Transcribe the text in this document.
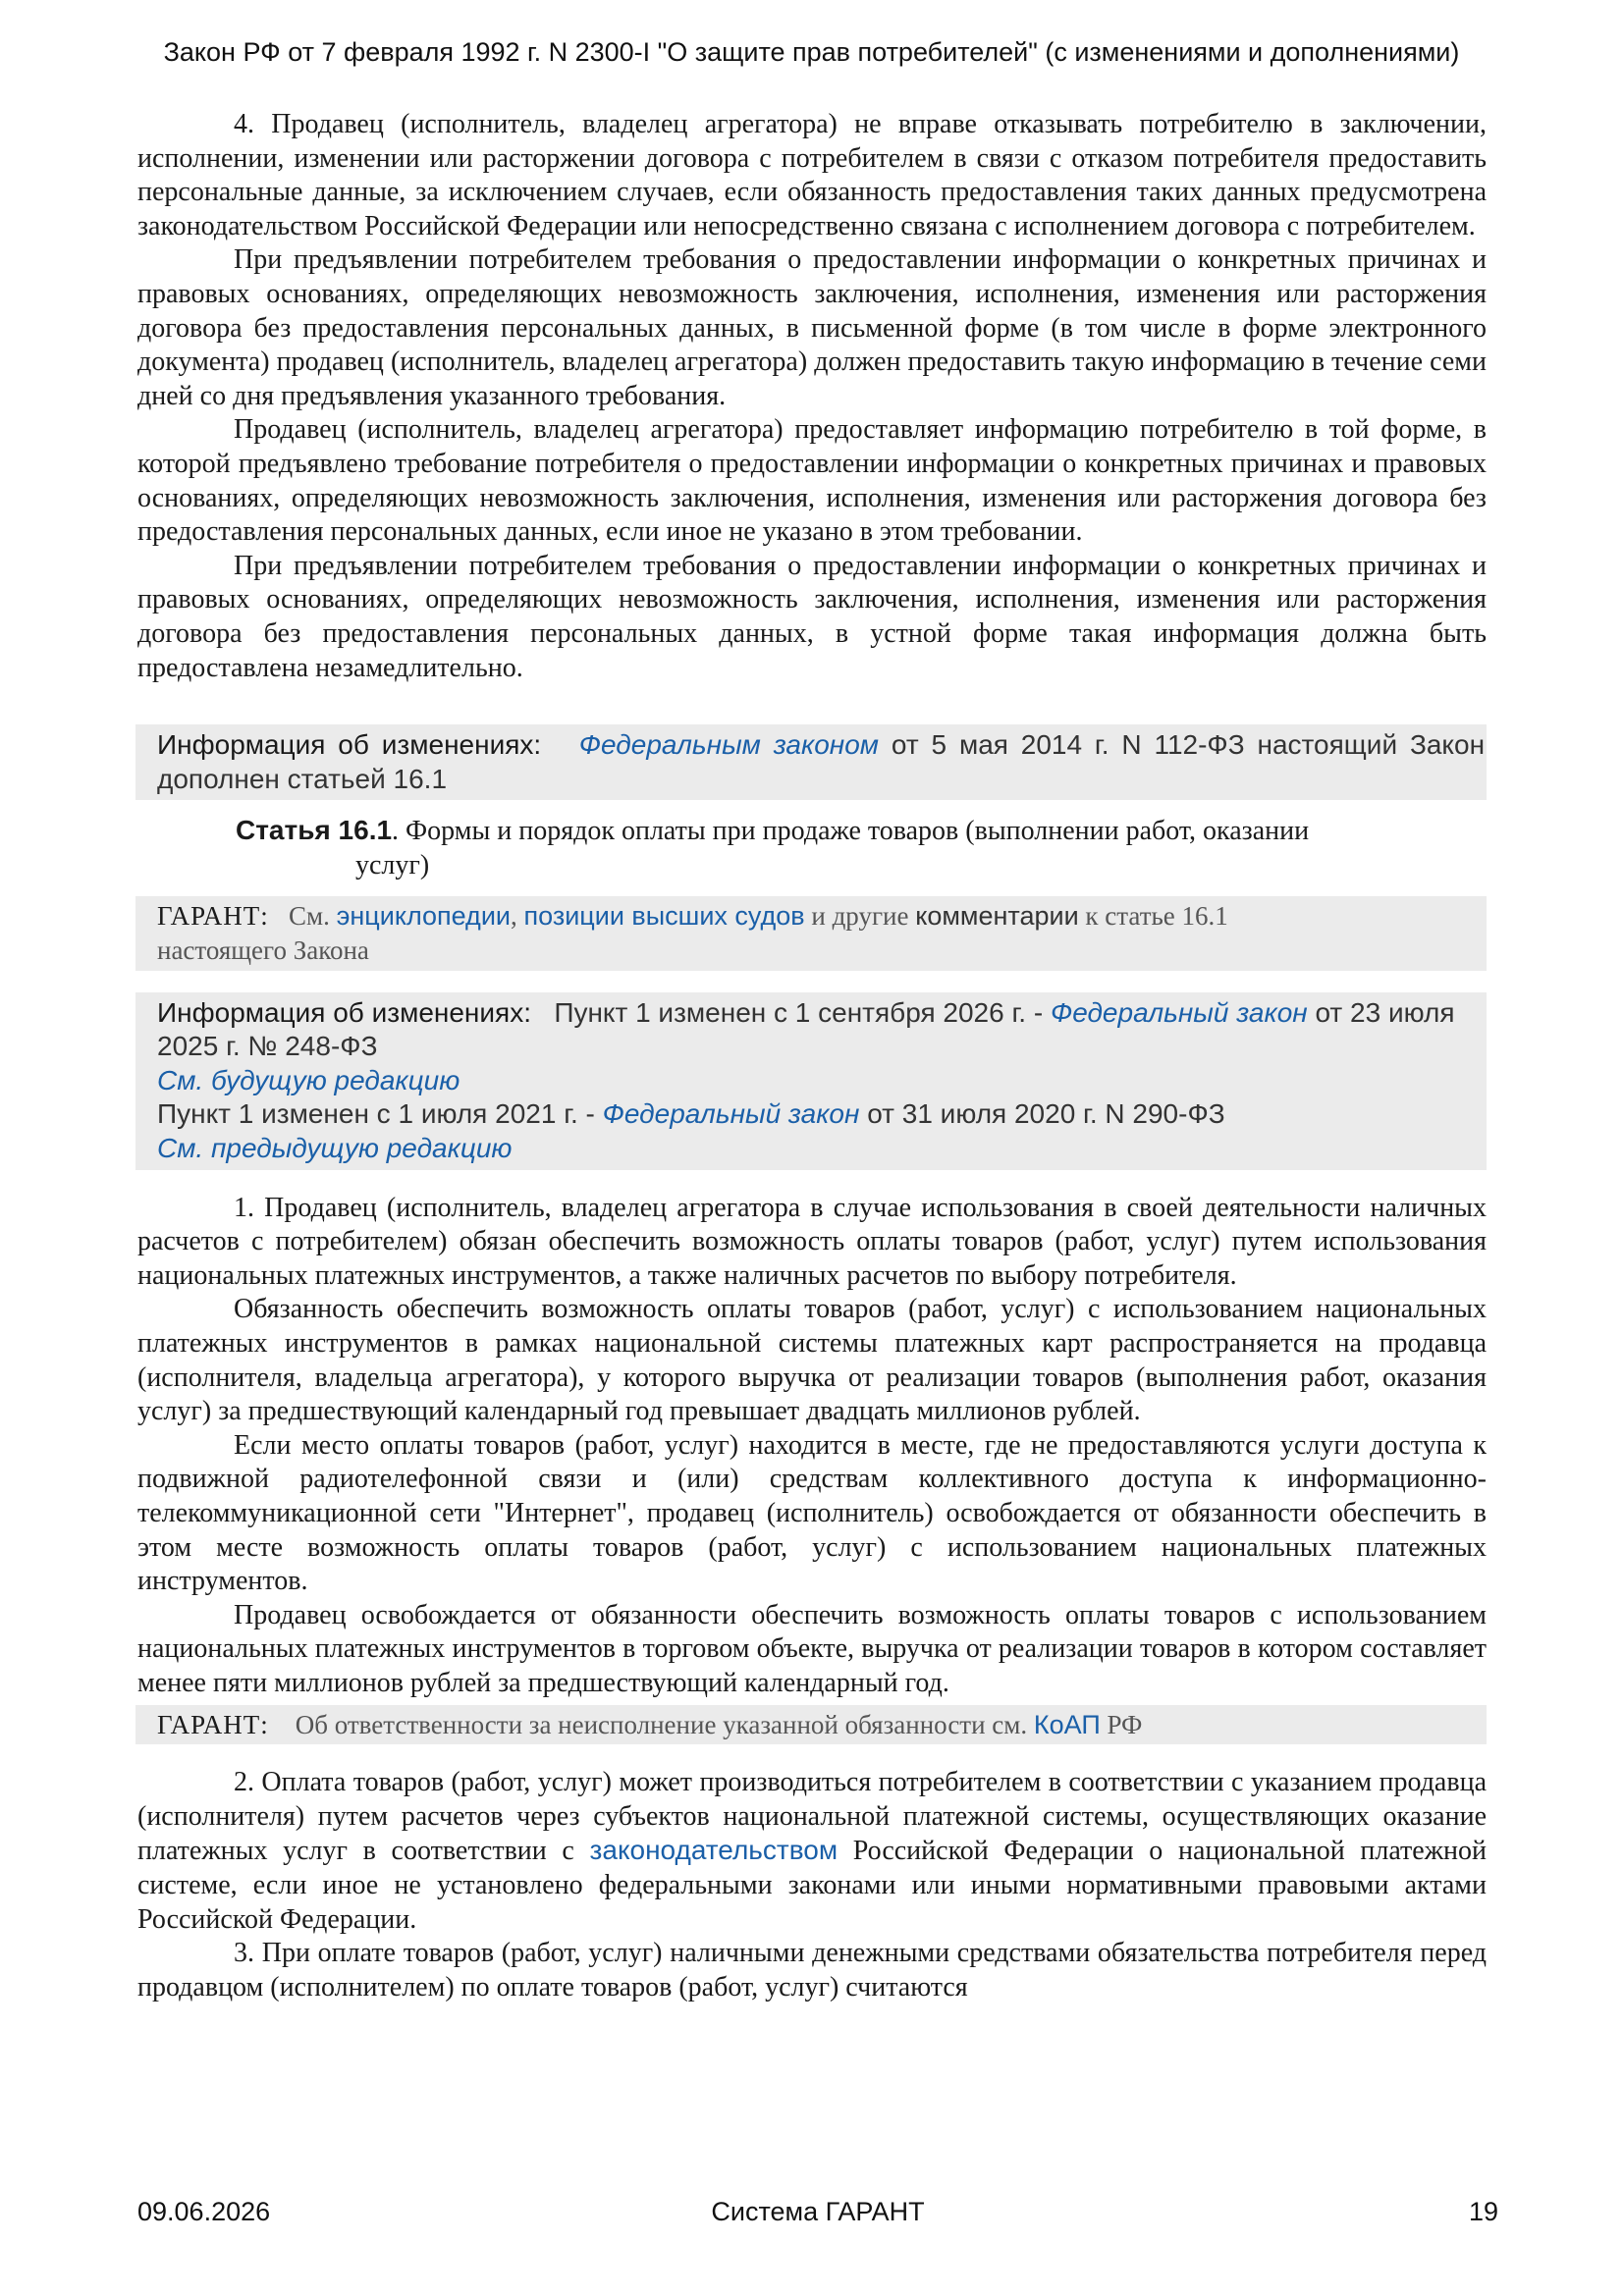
Закон РФ от 7 февраля 1992 г. N 2300-I "О защите прав потребителей" (с изменениями и дополнениями)

4. Продавец (исполнитель, владелец агрегатора) не вправе отказывать потребителю в заключении, исполнении, изменении или расторжении договора с потребителем в связи с отказом потребителя предоставить персональные данные, за исключением случаев, если обязанность предоставления таких данных предусмотрена законодательством Российской Федерации или непосредственно связана с исполнением договора с потребителем.

При предъявлении потребителем требования о предоставлении информации о конкретных причинах и правовых основаниях, определяющих невозможность заключения, исполнения, изменения или расторжения договора без предоставления персональных данных, в письменной форме (в том числе в форме электронного документа) продавец (исполнитель, владелец агрегатора) должен предоставить такую информацию в течение семи дней со дня предъявления указанного требования.

Продавец (исполнитель, владелец агрегатора) предоставляет информацию потребителю в той форме, в которой предъявлено требование потребителя о предоставлении информации о конкретных причинах и правовых основаниях, определяющих невозможность заключения, исполнения, изменения или расторжения договора без предоставления персональных данных, если иное не указано в этом требовании.

При предъявлении потребителем требования о предоставлении информации о конкретных причинах и правовых основаниях, определяющих невозможность заключения, исполнения, изменения или расторжения договора без предоставления персональных данных, в устной форме такая информация должна быть предоставлена незамедлительно.

Информация об изменениях: Федеральным законом от 5 мая 2014 г. N 112-ФЗ настоящий Закон дополнен статьей 16.1
Статья 16.1. Формы и порядок оплаты при продаже товаров (выполнении работ, оказании
услуг)
ГАРАНТ: См. энциклопедии, позиции высших судов и другие комментарии к статье 16.1
настоящего Закона
Информация об изменениях: Пункт 1 изменен с 1 сентября 2026 г. - Федеральный закон от 23 июля 2025 г. № 248-ФЗ
См. будущую редакцию
Пункт 1 изменен с 1 июля 2021 г. - Федеральный закон от 31 июля 2020 г. N 290-ФЗ
См. предыдущую редакцию

1. Продавец (исполнитель, владелец агрегатора в случае использования в своей деятельности наличных расчетов с потребителем) обязан обеспечить возможность оплаты товаров (работ, услуг) путем использования национальных платежных инструментов, а также наличных расчетов по выбору потребителя.

Обязанность обеспечить возможность оплаты товаров (работ, услуг) с использованием национальных платежных инструментов в рамках национальной системы платежных карт распространяется на продавца (исполнителя, владельца агрегатора), у которого выручка от реализации товаров (выполнения работ, оказания услуг) за предшествующий календарный год превышает двадцать миллионов рублей.

Если место оплаты товаров (работ, услуг) находится в месте, где не предоставляются услуги доступа к подвижной радиотелефонной связи и (или) средствам коллективного доступа к информационно-телекоммуникационной сети "Интернет", продавец (исполнитель) освобождается от обязанности обеспечить в этом месте возможность оплаты товаров (работ, услуг) с использованием национальных платежных инструментов.

Продавец освобождается от обязанности обеспечить возможность оплаты товаров с использованием национальных платежных инструментов в торговом объекте, выручка от реализации товаров в котором составляет менее пяти миллионов рублей за предшествующий календарный год.

ГАРАНТ: Об ответственности за неисполнение указанной обязанности см. КоАП РФ

2. Оплата товаров (работ, услуг) может производиться потребителем в соответствии с указанием продавца (исполнителя) путем расчетов через субъектов национальной платежной системы, осуществляющих оказание платежных услуг в соответствии с законодательством Российской Федерации о национальной платежной системе, если иное не установлено федеральными законами или иными нормативными правовыми актами Российской Федерации.

3. При оплате товаров (работ, услуг) наличными денежными средствами обязательства потребителя перед продавцом (исполнителем) по оплате товаров (работ, услуг) считаются

09.06.2026	Система ГАРАНТ	19
